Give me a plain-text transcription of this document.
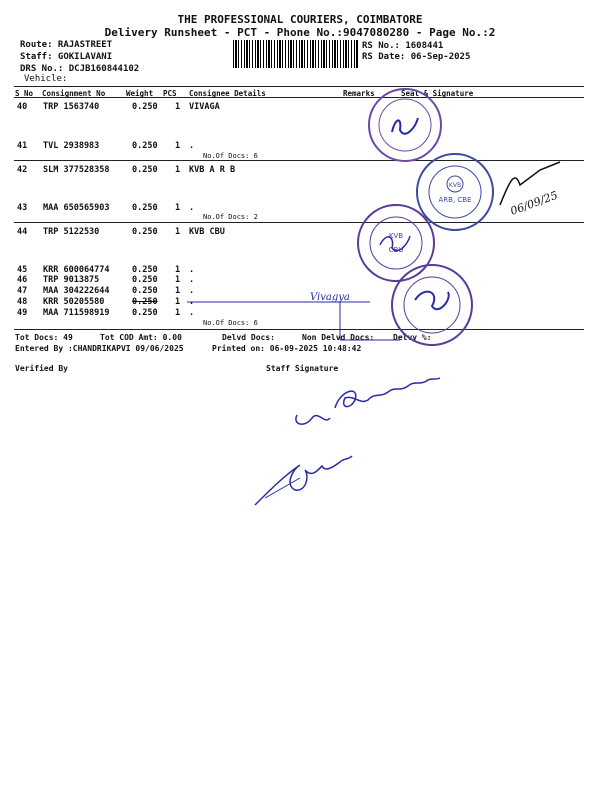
THE PROFESSIONAL COURIERS, COIMBATORE
Delivery Runsheet - PCT - Phone No.:9047080280 - Page No.:2
Route: RAJASTREET
Staff: GOKILAVANI
DRS No.: DCJB160844102
Vehicle:
RS No.: 1608441
RS Date: 06-Sep-2025
S No Consignment No	Weight PCS Consignee Details	Remarks	Seal & Signature
40 TRP 1563740	0.250 1 VIVAGA
41 TVL 2938983	0.250 1 .
No.Of Docs: 6
42 SLM 377528358	0.250 1 KVB A R B
43 MAA 650565903	0.250 1 .
No.Of Docs: 2
44 TRP 5122530	0.250 1 KVB CBU
45 KRR 600064774	0.250 1 .
46 TRP 9013875	0.250 1 .
47 MAA 304222644	0.250 1 .
48 KRR 50205580	0.250 1 .
49 MAA 711598919	0.250 1 .
No.Of Docs: 6
Tot Docs: 49	Tot COD Amt: 0.00	Delvd Docs:	Non Delvd Docs: Delvy %:
Entered By :CHANDRIKAPVI 09/06/2025	Printed on: 06-09-2025 10:48:42
Verified By	Staff Signature
KVB
ARB, CBE
KVB
CBU
Vivagya
06/09/25
